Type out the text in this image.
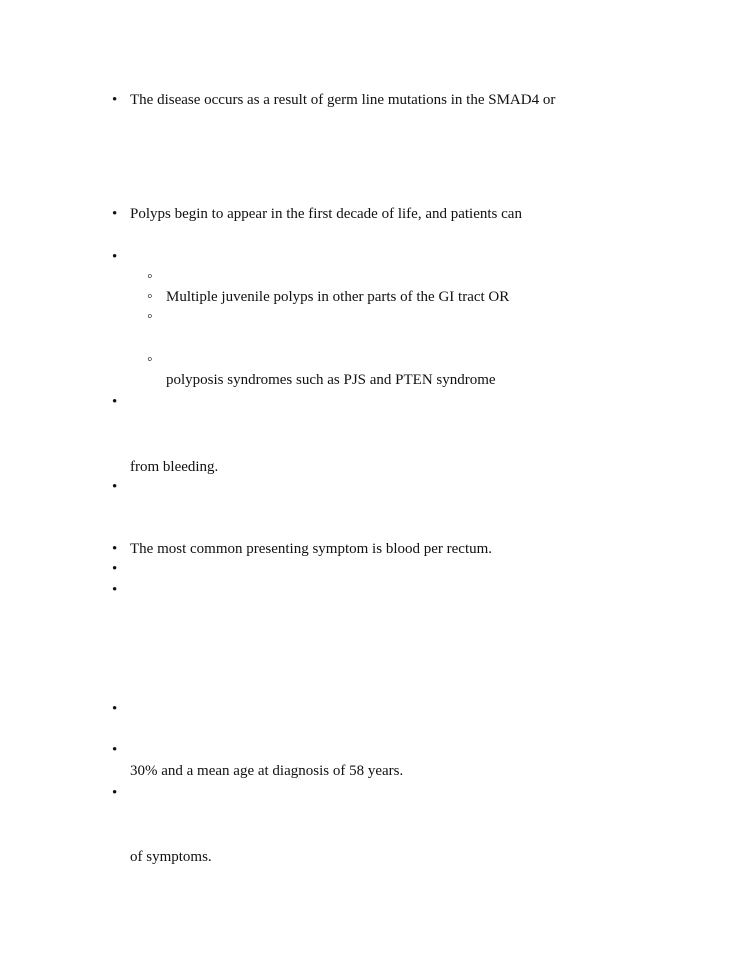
•
The disease occurs as a result of germ line mutations in the SMAD4 or
•
Polyps begin to appear in the first decade of life, and patients can
•
◦
◦
Multiple juvenile polyps in other parts of the GI tract OR
◦
◦
polyposis syndromes such as PJS and PTEN syndrome
•
from bleeding.
•
•
The most common presenting symptom is blood per rectum.
•
•
•
•
30% and a mean age at diagnosis of 58 years.
•
of symptoms.
